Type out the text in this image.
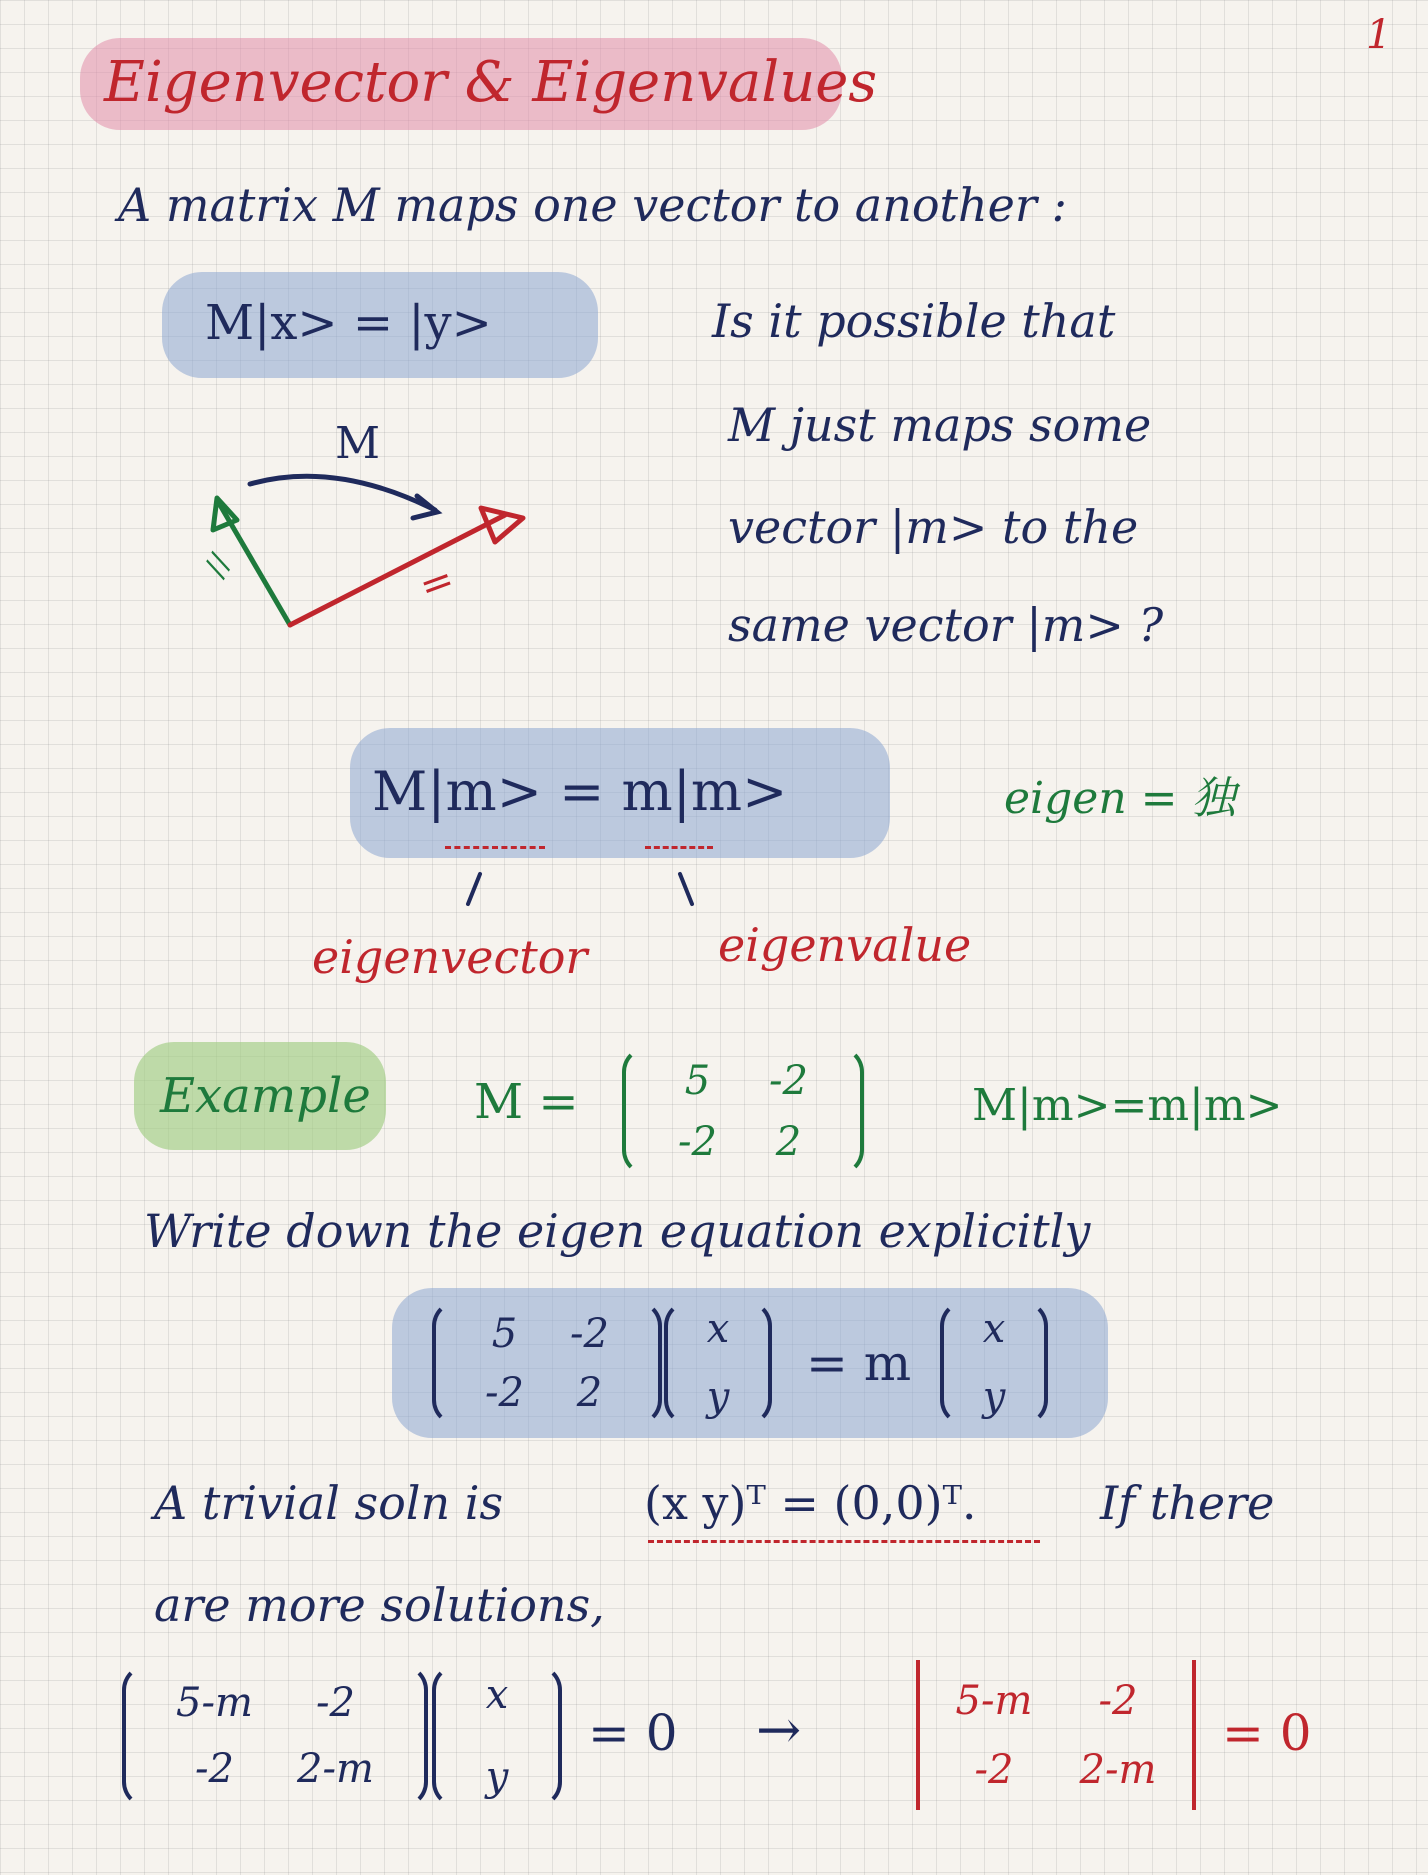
1
Eigenvector & Eigenvalues
A matrix M maps one vector to another :
M|x> = |y>
M
//	=
Is it possible that
M just maps some
vector |m> to the
same vector |m> ?
M|m> = m|m>
eigenvector	eigenvalue
eigen = 独
Example M =	5 -2
-2 2
M|m>=m|m>
Write down the eigen equation explicitly
5 -2
-2 2
x
y
= m
x
y
A trivial soln is	(x y)ᵀ = (0,0)ᵀ.	If there
are more solutions,
5-m -2
-2 2-m
x
y
= 0 →	5-m -2
-2 2-m
= 0
